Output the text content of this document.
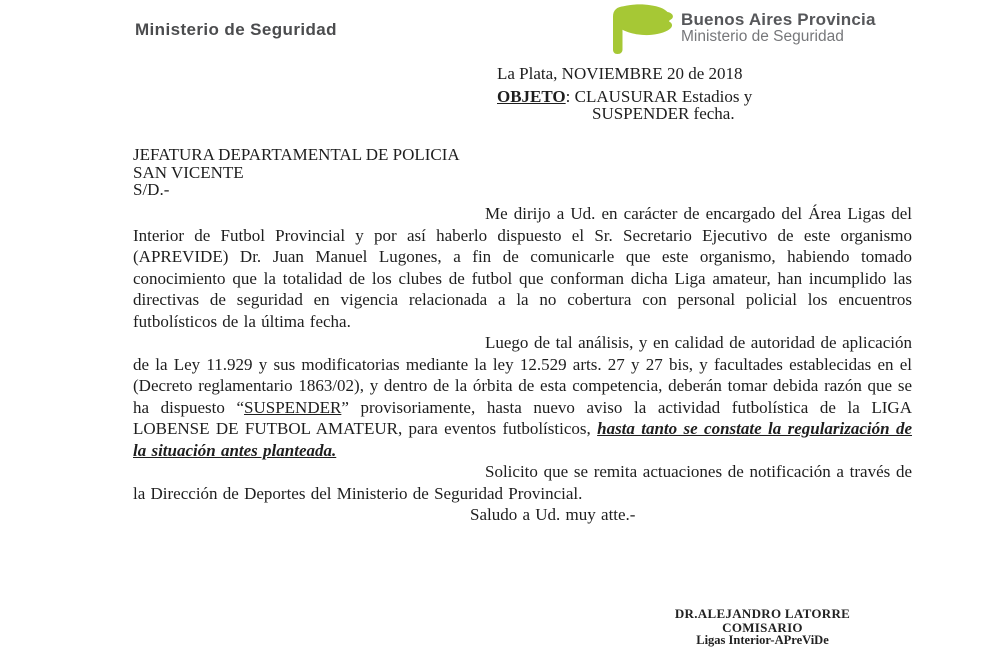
Ministerio de Seguridad
Buenos Aires Provincia
Ministerio de Seguridad
La Plata, NOVIEMBRE 20 de 2018
OBJETO: CLAUSURAR Estadios y
SUSPENDER fecha.
JEFATURA DEPARTAMENTAL DE POLICIA
SAN VICENTE
S/D.-

Me dirijo a Ud. en carácter de encargado del Área Ligas del Interior de Futbol Provincial y por así haberlo dispuesto el Sr. Secretario Ejecutivo de este organismo (APREVIDE) Dr. Juan Manuel Lugones, a fin de comunicarle que este organismo, habiendo tomado conocimiento que la totalidad de los clubes de futbol que conforman dicha Liga amateur, han incumplido las directivas de seguridad en vigencia relacionada a la no cobertura con personal policial los encuentros futbolísticos de la última fecha.

Luego de tal análisis, y en calidad de autoridad de aplicación de la Ley 11.929 y sus modificatorias mediante la ley 12.529 arts. 27 y 27 bis, y facultades establecidas en el (Decreto reglamentario 1863/02), y dentro de la órbita de esta competencia, deberán tomar debida razón que se ha dispuesto “SUSPENDER” provisoriamente, hasta nuevo aviso la actividad futbolística de la LIGA LOBENSE DE FUTBOL AMATEUR, para eventos futbolísticos, hasta tanto se constate la regularización de la situación antes planteada.

Solicito que se remita actuaciones de notificación a través de la Dirección de Deportes del Ministerio de Seguridad Provincial.

Saludo a Ud. muy atte.-

DR.ALEJANDRO LATORRE
COMISARIO
Ligas Interior-APreViDe
